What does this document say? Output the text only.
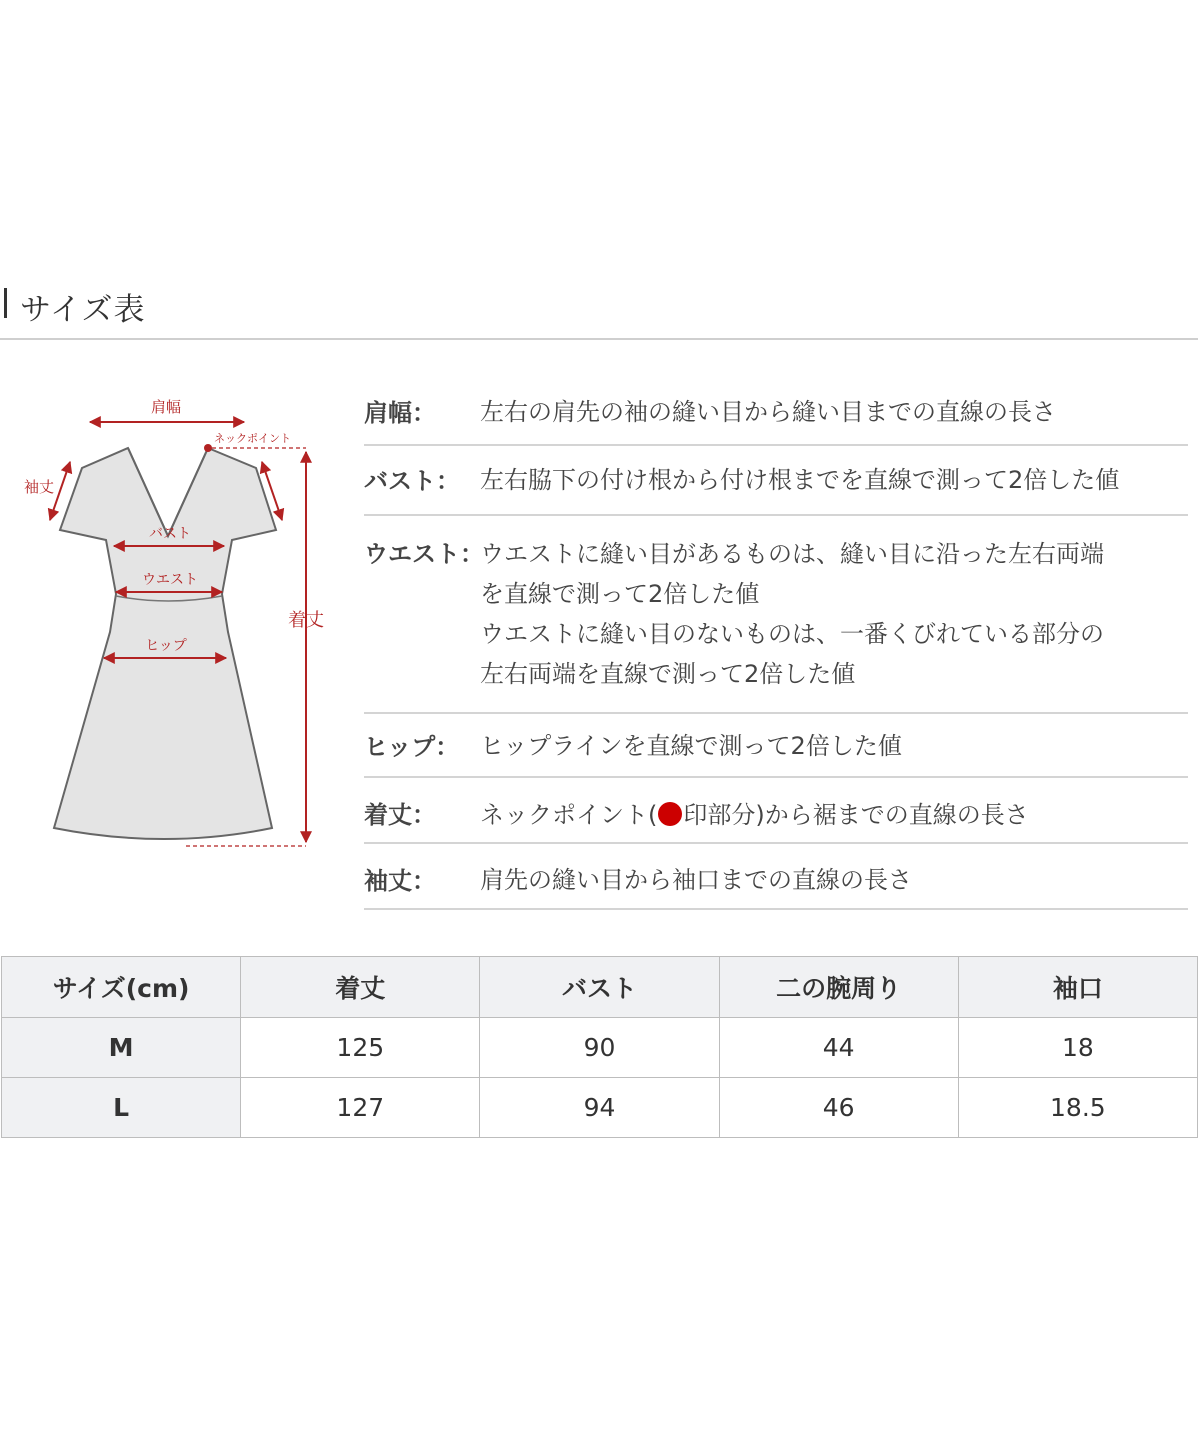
サイズ表
肩幅
ネックポイント
着丈
袖丈
バスト
ウエスト
ヒップ
肩幅：	左右の肩先の袖の縫い目から縫い目までの直線の長さ
バスト： 左右脇下の付け根から付け根までを直線で測って2倍した値
ウエスト：
ウエストに縫い目があるものは、縫い目に沿った左右両端
を直線で測って2倍した値
ウエストに縫い目のないものは、一番くびれている部分の
左右両端を直線で測って2倍した値
ヒップ： ヒップラインを直線で測って2倍した値
着丈：	ネックポイント( 印部分)から裾までの直線の長さ
袖丈：	肩先の縫い目から袖口までの直線の長さ
サイズ(cm)	着丈	バスト	二の腕周り	袖口
M	125	90	44	18
L	127	94	46	18.5
